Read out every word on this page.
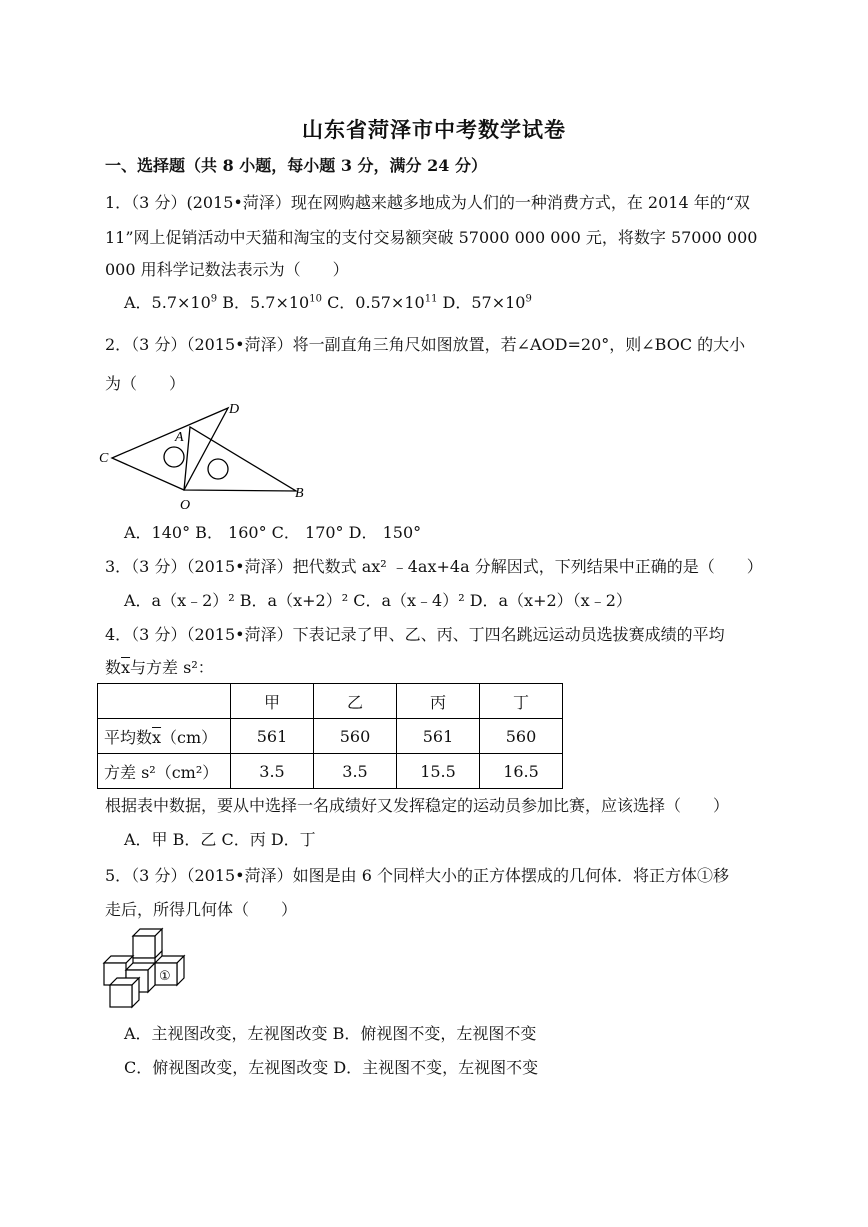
山东省菏泽市中考数学试卷
一、选择题（共 8 小题，每小题 3 分，满分 24 分）
1．（3 分）(2015•菏泽）现在网购越来越多地成为人们的一种消费方式，在 2014 年的“双
11”网上促销活动中天猫和淘宝的支付交易额突破 57000 000 000 元，将数字 57000 000
000 用科学记数法表示为（　　）
A．$5.7\times 10^9$ B．$5.7\times 10^{10}$ C．$0.57\times 10^{11}$ D．$57\times 10^9$
2．（3 分）（2015•菏泽）将一副直角三角尺如图放置，若∠AOD=20°，则∠BOC 的大小
为（　　）
C
D
A
B
O
A．140° B． 160° C． 170° D． 150°
3．（3 分）（2015•菏泽）把代数式 ax² ﹣4ax+4a 分解因式，下列结果中正确的是（　　）
A．a（x﹣2）² B．a（x+2）² C．a（x﹣4）² D．a（x+2）（x﹣2）
4．（3 分）（2015•菏泽）下表记录了甲、乙、丙、丁四名跳远运动员选拔赛成绩的平均
数$\overline{x}$与方差 s²：
	甲	乙	丙	丁
平均数$\overline{x}(cm)$	561	560	561	560
方差 s²（cm²）	3.5	3.5	15.5	16.5
根据表中数据，要从中选择一名成绩好又发挥稳定的运动员参加比赛，应该选择（　　）
A．甲 B．乙 C．丙 D．丁
5．（3 分）（2015•菏泽）如图是由 6 个同样大小的正方体摆成的几何体．将正方体①移
走后，所得几何体（　　）
①
A．主视图改变，左视图改变 B．俯视图不变，左视图不变
C．俯视图改变，左视图改变 D．主视图不变，左视图不变
